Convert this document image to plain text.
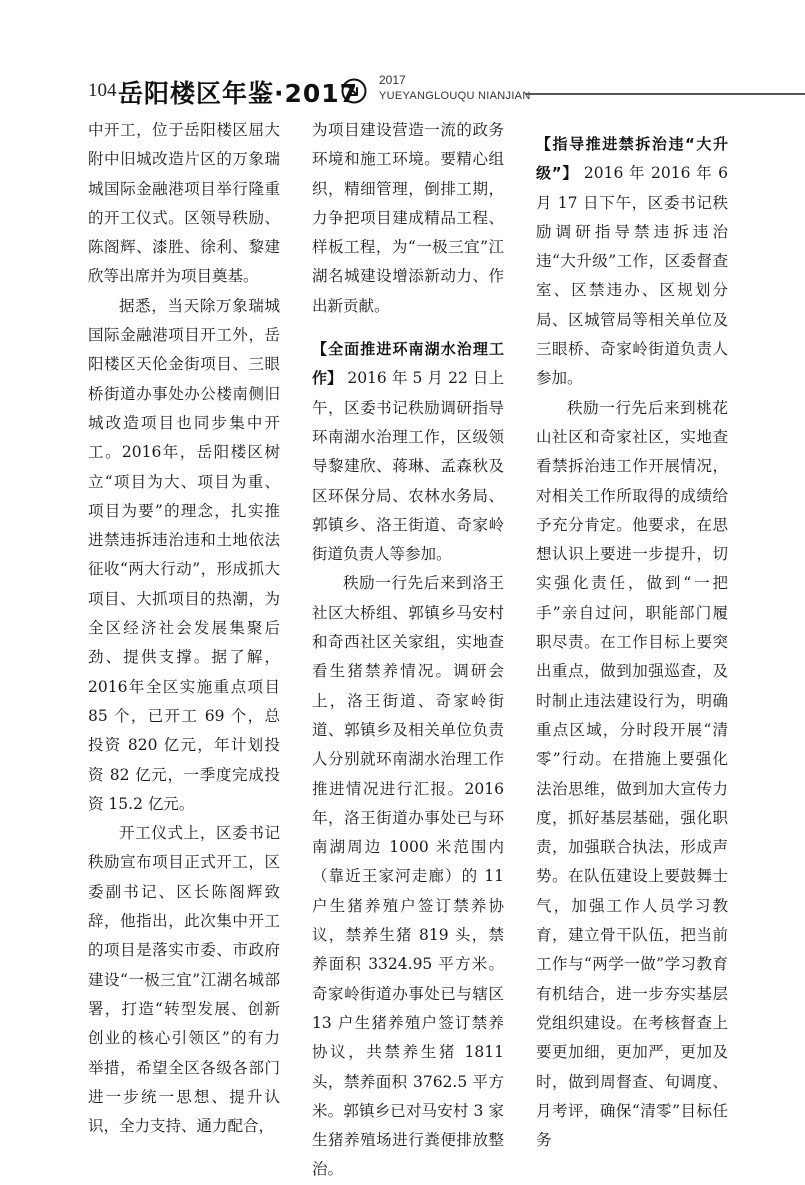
104 岳阳楼区年鉴·2017 2017
YUEYANGLOUQU NIANJIAN

中开工，位于岳阳楼区屈大附中旧城改造片区的万象瑞城国际金融港项目举行隆重的开工仪式。区领导秩励、陈阁辉、漆胜、徐利、黎建欣等出席并为项目奠基。

据悉，当天除万象瑞城国际金融港项目开工外，岳阳楼区天伦金街项目、三眼桥街道办事处办公楼南侧旧城改造项目也同步集中开工。2016年，岳阳楼区树立“项目为大、项目为重、项目为要”的理念，扎实推进禁违拆违治违和土地依法征收“两大行动”，形成抓大项目、大抓项目的热潮，为全区经济社会发展集聚后劲、提供支撑。据了解，2016年全区实施重点项目 85 个，已开工 69 个，总投资 820 亿元，年计划投资 82 亿元，一季度完成投资 15.2 亿元。

开工仪式上，区委书记秩励宣布项目正式开工，区委副书记、区长陈阁辉致辞，他指出，此次集中开工的项目是落实市委、市政府建设“一极三宜”江湖名城部署，打造“转型发展、创新创业的核心引领区”的有力举措，希望全区各级各部门进一步统一思想、提升认识，全力支持、通力配合，

为项目建设营造一流的政务环境和施工环境。要精心组织，精细管理，倒排工期，力争把项目建成精品工程、样板工程，为“一极三宜”江湖名城建设增添新动力、作出新贡献。

【全面推进环南湖水治理工作】 2016 年 5 月 22 日上午，区委书记秩励调研指导环南湖水治理工作，区级领导黎建欣、蒋琳、孟森秋及区环保分局、农林水务局、郭镇乡、洛王街道、奇家岭街道负责人等参加。

秩励一行先后来到洛王社区大桥组、郭镇乡马安村和奇西社区关家组，实地查看生猪禁养情况。调研会上，洛王街道、奇家岭街道、郭镇乡及相关单位负责人分别就环南湖水治理工作推进情况进行汇报。2016 年，洛王街道办事处已与环南湖周边 1000 米范围内（靠近王家河走廊）的 11 户生猪养殖户签订禁养协议，禁养生猪 819 头，禁养面积 3324.95 平方米。奇家岭街道办事处已与辖区 13 户生猪养殖户签订禁养协议，共禁养生猪 1811 头，禁养面积 3762.5 平方米。郭镇乡已对马安村 3 家生猪养殖场进行粪便排放整治。

【指导推进禁拆治违“大升级”】 2016 年 2016 年 6 月 17 日下午，区委书记秩励调研指导禁违拆违治违“大升级”工作，区委督查室、区禁违办、区规划分局、区城管局等相关单位及三眼桥、奇家岭街道负责人参加。

秩励一行先后来到桃花山社区和奇家社区，实地查看禁拆治违工作开展情况，对相关工作所取得的成绩给予充分肯定。他要求，在思想认识上要进一步提升，切实强化责任，做到“一把手”亲自过问，职能部门履职尽责。在工作目标上要突出重点，做到加强巡查，及时制止违法建设行为，明确重点区域，分时段开展“清零”行动。在措施上要强化法治思维，做到加大宣传力度，抓好基层基础，强化职责，加强联合执法，形成声势。在队伍建设上要鼓舞士气，加强工作人员学习教育，建立骨干队伍，把当前工作与“两学一做”学习教育有机结合，进一步夯实基层党组织建设。在考核督查上要更加细，更加严，更加及时，做到周督查、旬调度、月考评，确保“清零”目标任务
